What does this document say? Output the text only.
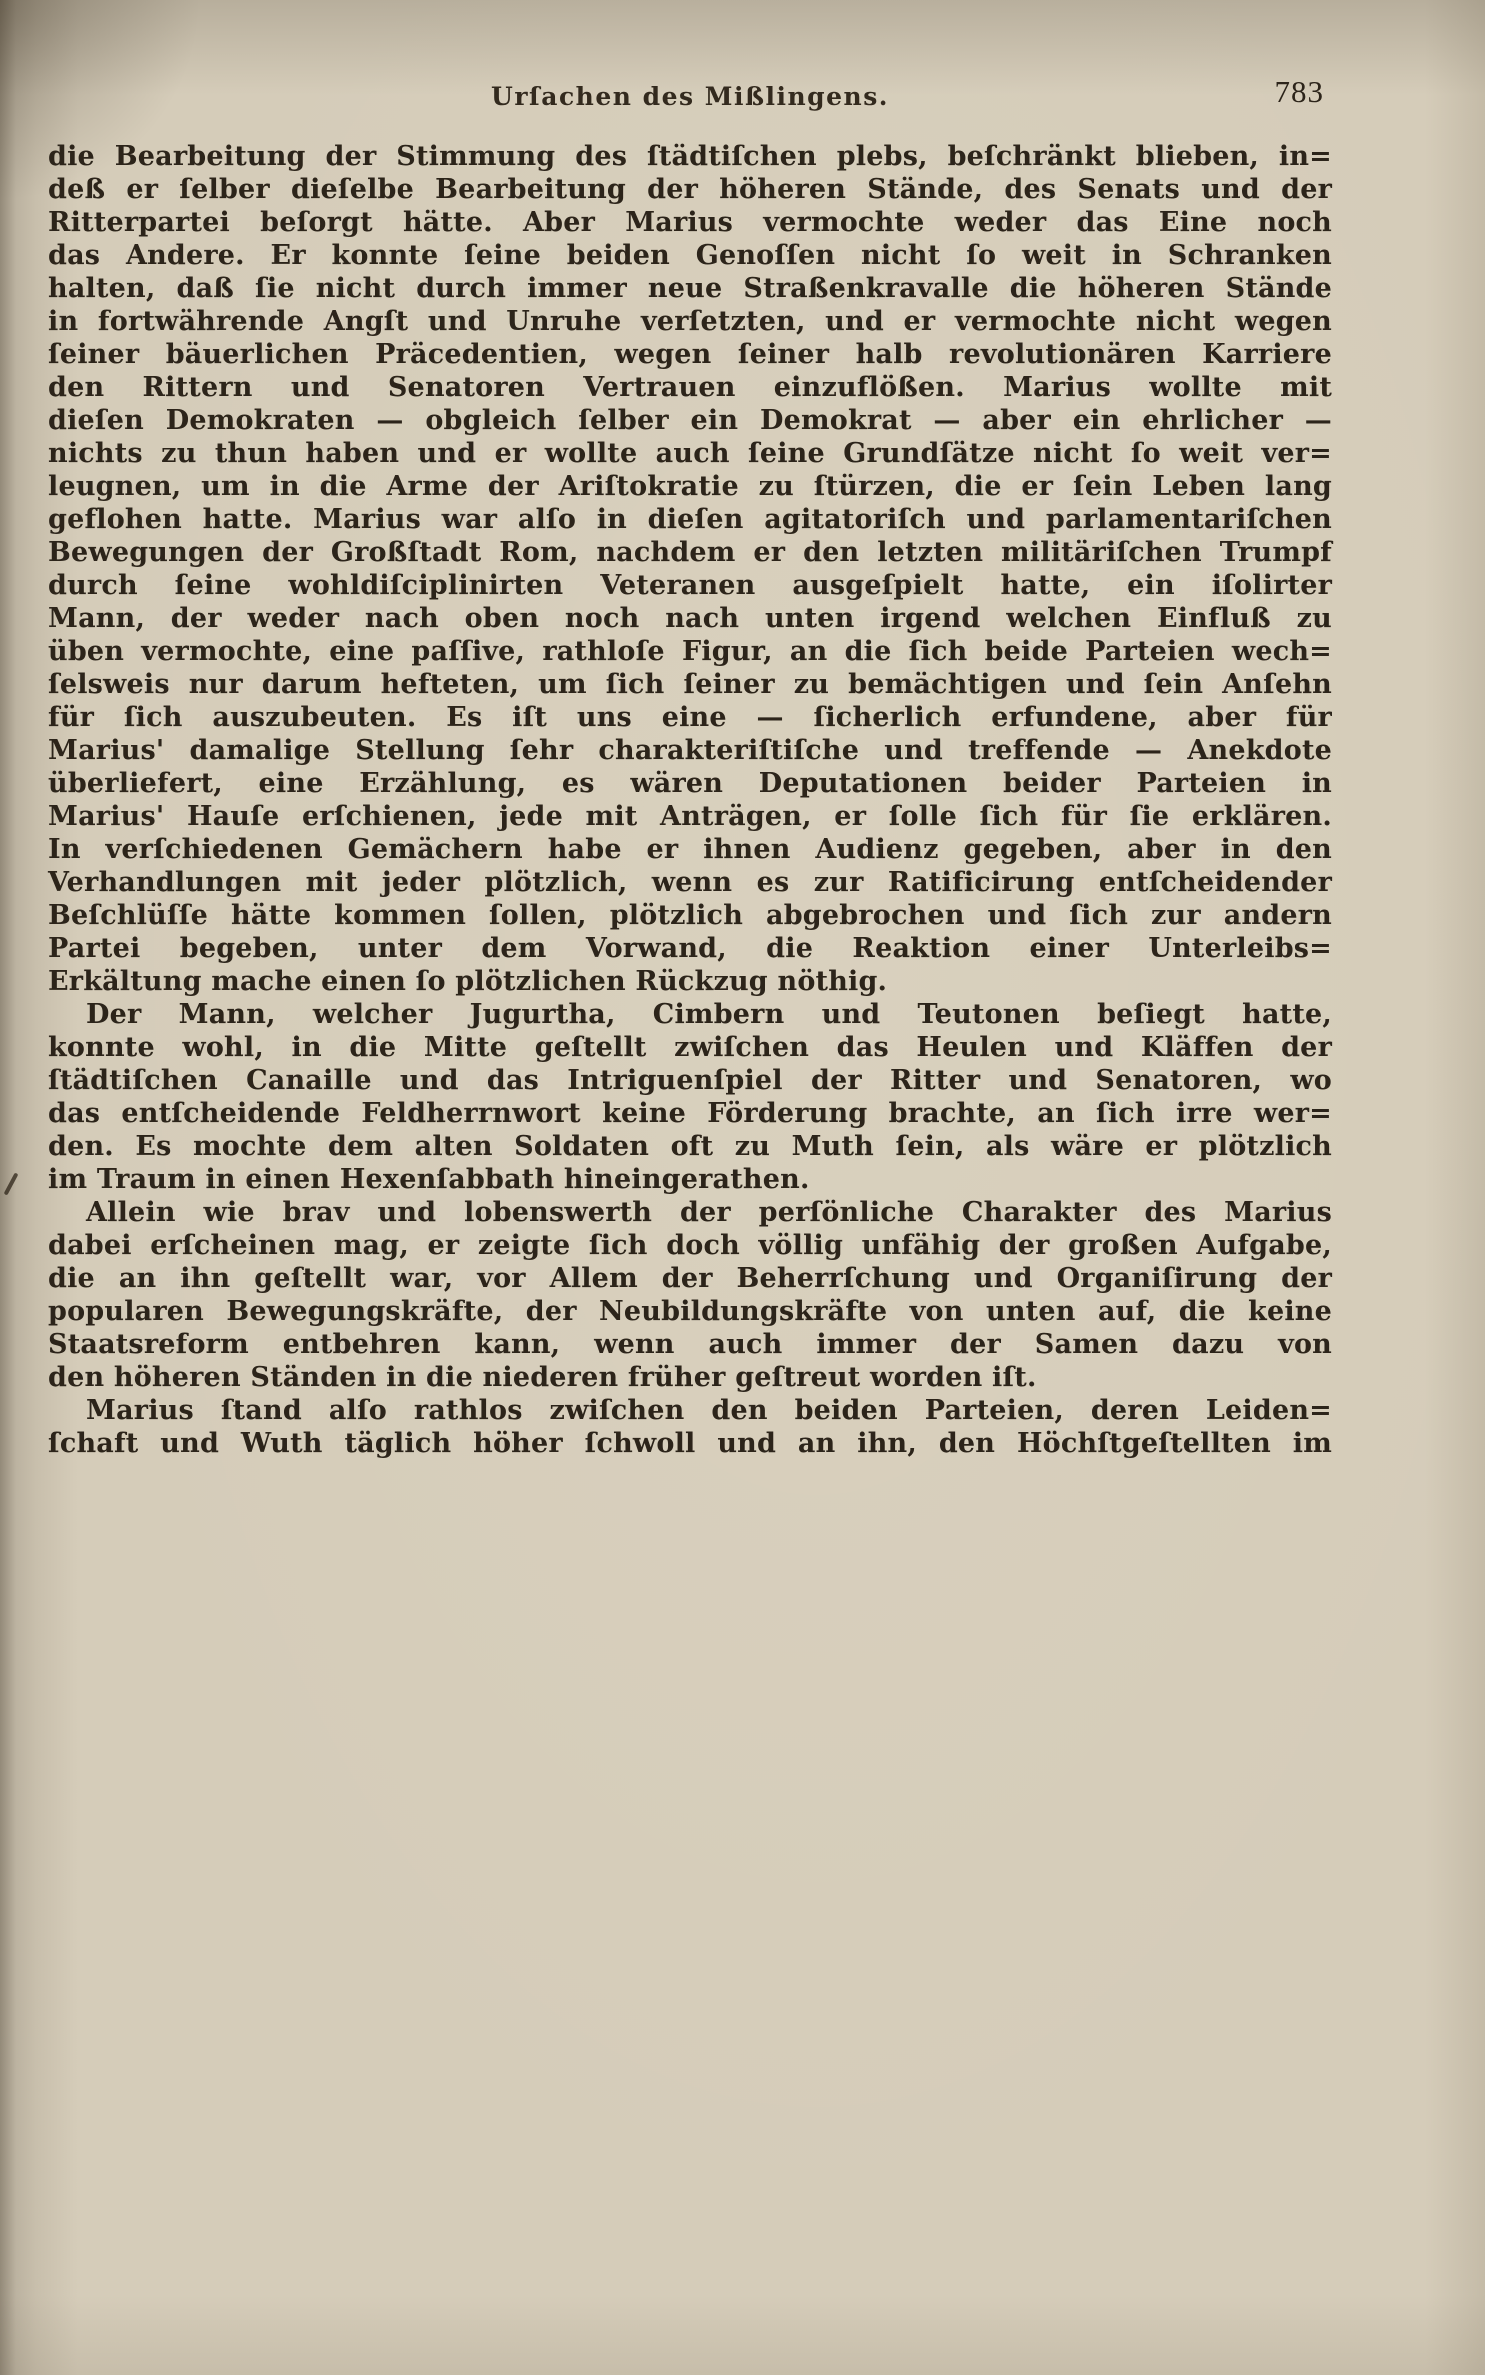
Urſachen des Mißlingens.	783
die Bearbeitung der Stimmung des ſtädtiſchen plebs, beſchränkt blieben, in=
deß er ſelber dieſelbe Bearbeitung der höheren Stände, des Senats und der
Ritterpartei beſorgt hätte. Aber Marius vermochte weder das Eine noch
das Andere. Er konnte ſeine beiden Genoſſen nicht ſo weit in Schranken
halten, daß ſie nicht durch immer neue Straßenkravalle die höheren Stände
in fortwährende Angſt und Unruhe verſetzten, und er vermochte nicht wegen
ſeiner bäuerlichen Präcedentien, wegen ſeiner halb revolutionären Karriere
den Rittern und Senatoren Vertrauen einzuflößen. Marius wollte mit
dieſen Demokraten — obgleich ſelber ein Demokrat — aber ein ehrlicher —
nichts zu thun haben und er wollte auch ſeine Grundſätze nicht ſo weit ver=
leugnen, um in die Arme der Ariſtokratie zu ſtürzen, die er ſein Leben lang
geflohen hatte. Marius war alſo in dieſen agitatoriſch und parlamentariſchen
Bewegungen der Großſtadt Rom, nachdem er den letzten militäriſchen Trumpf
durch ſeine wohldiſciplinirten Veteranen ausgeſpielt hatte, ein iſolirter
Mann, der weder nach oben noch nach unten irgend welchen Einfluß zu
üben vermochte, eine paſſive, rathloſe Figur, an die ſich beide Parteien wech=
ſelsweis nur darum hefteten, um ſich ſeiner zu bemächtigen und ſein Anſehn
für ſich auszubeuten. Es iſt uns eine — ſicherlich erfundene, aber für
Marius' damalige Stellung ſehr charakteriſtiſche und treffende — Anekdote
überliefert, eine Erzählung, es wären Deputationen beider Parteien in
Marius' Hauſe erſchienen, jede mit Anträgen, er ſolle ſich für ſie erklären.
In verſchiedenen Gemächern habe er ihnen Audienz gegeben, aber in den
Verhandlungen mit jeder plötzlich, wenn es zur Ratificirung entſcheidender
Beſchlüſſe hätte kommen ſollen, plötzlich abgebrochen und ſich zur andern
Partei begeben, unter dem Vorwand, die Reaktion einer Unterleibs=
Erkältung mache einen ſo plötzlichen Rückzug nöthig.
Der Mann, welcher Jugurtha, Cimbern und Teutonen beſiegt hatte,
konnte wohl, in die Mitte geſtellt zwiſchen das Heulen und Kläffen der
ſtädtiſchen Canaille und das Intriguenſpiel der Ritter und Senatoren, wo
das entſcheidende Feldherrnwort keine Förderung brachte, an ſich irre wer=
den. Es mochte dem alten Soldaten oft zu Muth ſein, als wäre er plötzlich
im Traum in einen Hexenſabbath hineingerathen.
Allein wie brav und lobenswerth der perſönliche Charakter des Marius
dabei erſcheinen mag, er zeigte ſich doch völlig unfähig der großen Aufgabe,
die an ihn geſtellt war, vor Allem der Beherrſchung und Organiſirung der
popularen Bewegungskräfte, der Neubildungskräfte von unten auf, die keine
Staatsreform entbehren kann, wenn auch immer der Samen dazu von
den höheren Ständen in die niederen früher geſtreut worden iſt.
Marius ſtand alſo rathlos zwiſchen den beiden Parteien, deren Leiden=
ſchaft und Wuth täglich höher ſchwoll und an ihn, den Höchſtgeſtellten im
